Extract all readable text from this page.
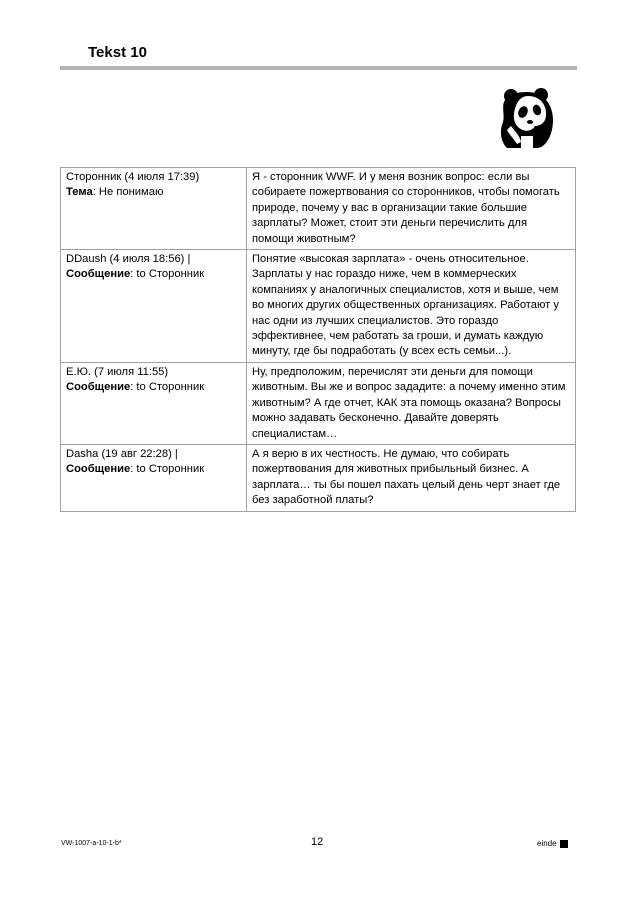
Tekst 10
Сторонник (4 июля 17:39)
Тема: Не понимаю	Я - сторонник WWF. И у меня возник вопрос: если вы собираете пожертвования со сторонников, чтобы помогать природе, почему у вас в организации такие большие зарплаты? Может, стоит эти деньги перечислить для помощи животным?
DDaush (4 июля 18:56) |
Сообщение: to Сторонник	Понятие «высокая зарплата» - очень относительное. Зарплаты у нас гораздо ниже, чем в коммерческих компаниях у аналогичных специалистов, хотя и выше, чем во многих других общественных организациях. Работают у нас одни из лучших специалистов. Это гораздо эффективнее, чем работать за гроши, и думать каждую минуту, где бы подработать (у всех есть семьи...).
Е.Ю. (7 июля 11:55)
Сообщение: to Сторонник	Ну, предположим, перечислят эти деньги для помощи животным. Вы же и вопрос зададите: а почему именно этим животным? А где отчет, КАК эта помощь оказана? Вопросы можно задавать бесконечно. Давайте доверять специалистам…
Dasha (19 авг 22:28) |
Сообщение: to Сторонник	А я верю в их честность. Не думаю, что собирать пожертвования для животных прибыльный бизнес. А зарплата… ты бы пошел пахать целый день черт знает где без заработной платы?
VW-1007-a-10-1-b*	12	einde
